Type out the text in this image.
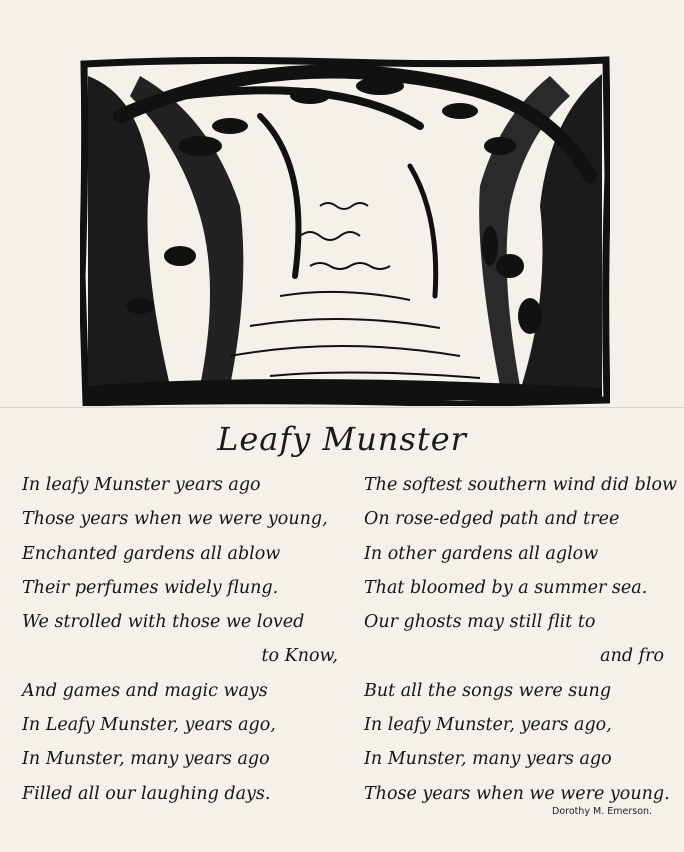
Leafy Munster
In leafy Munster years ago
Those years when we were young,
Enchanted gardens all ablow
Their perfumes widely flung.
We strolled with those we loved
to Know,
And games and magic ways
In Leafy Munster, years ago,
In Munster, many years ago
Filled all our laughing days.
The softest southern wind did blow
On rose-edged path and tree
In other gardens all aglow
That bloomed by a summer sea.
Our ghosts may still flit to
and fro
But all the songs were sung
In leafy Munster, years ago,
In Munster, many years ago
Those years when we were young.
Dorothy M. Emerson.
